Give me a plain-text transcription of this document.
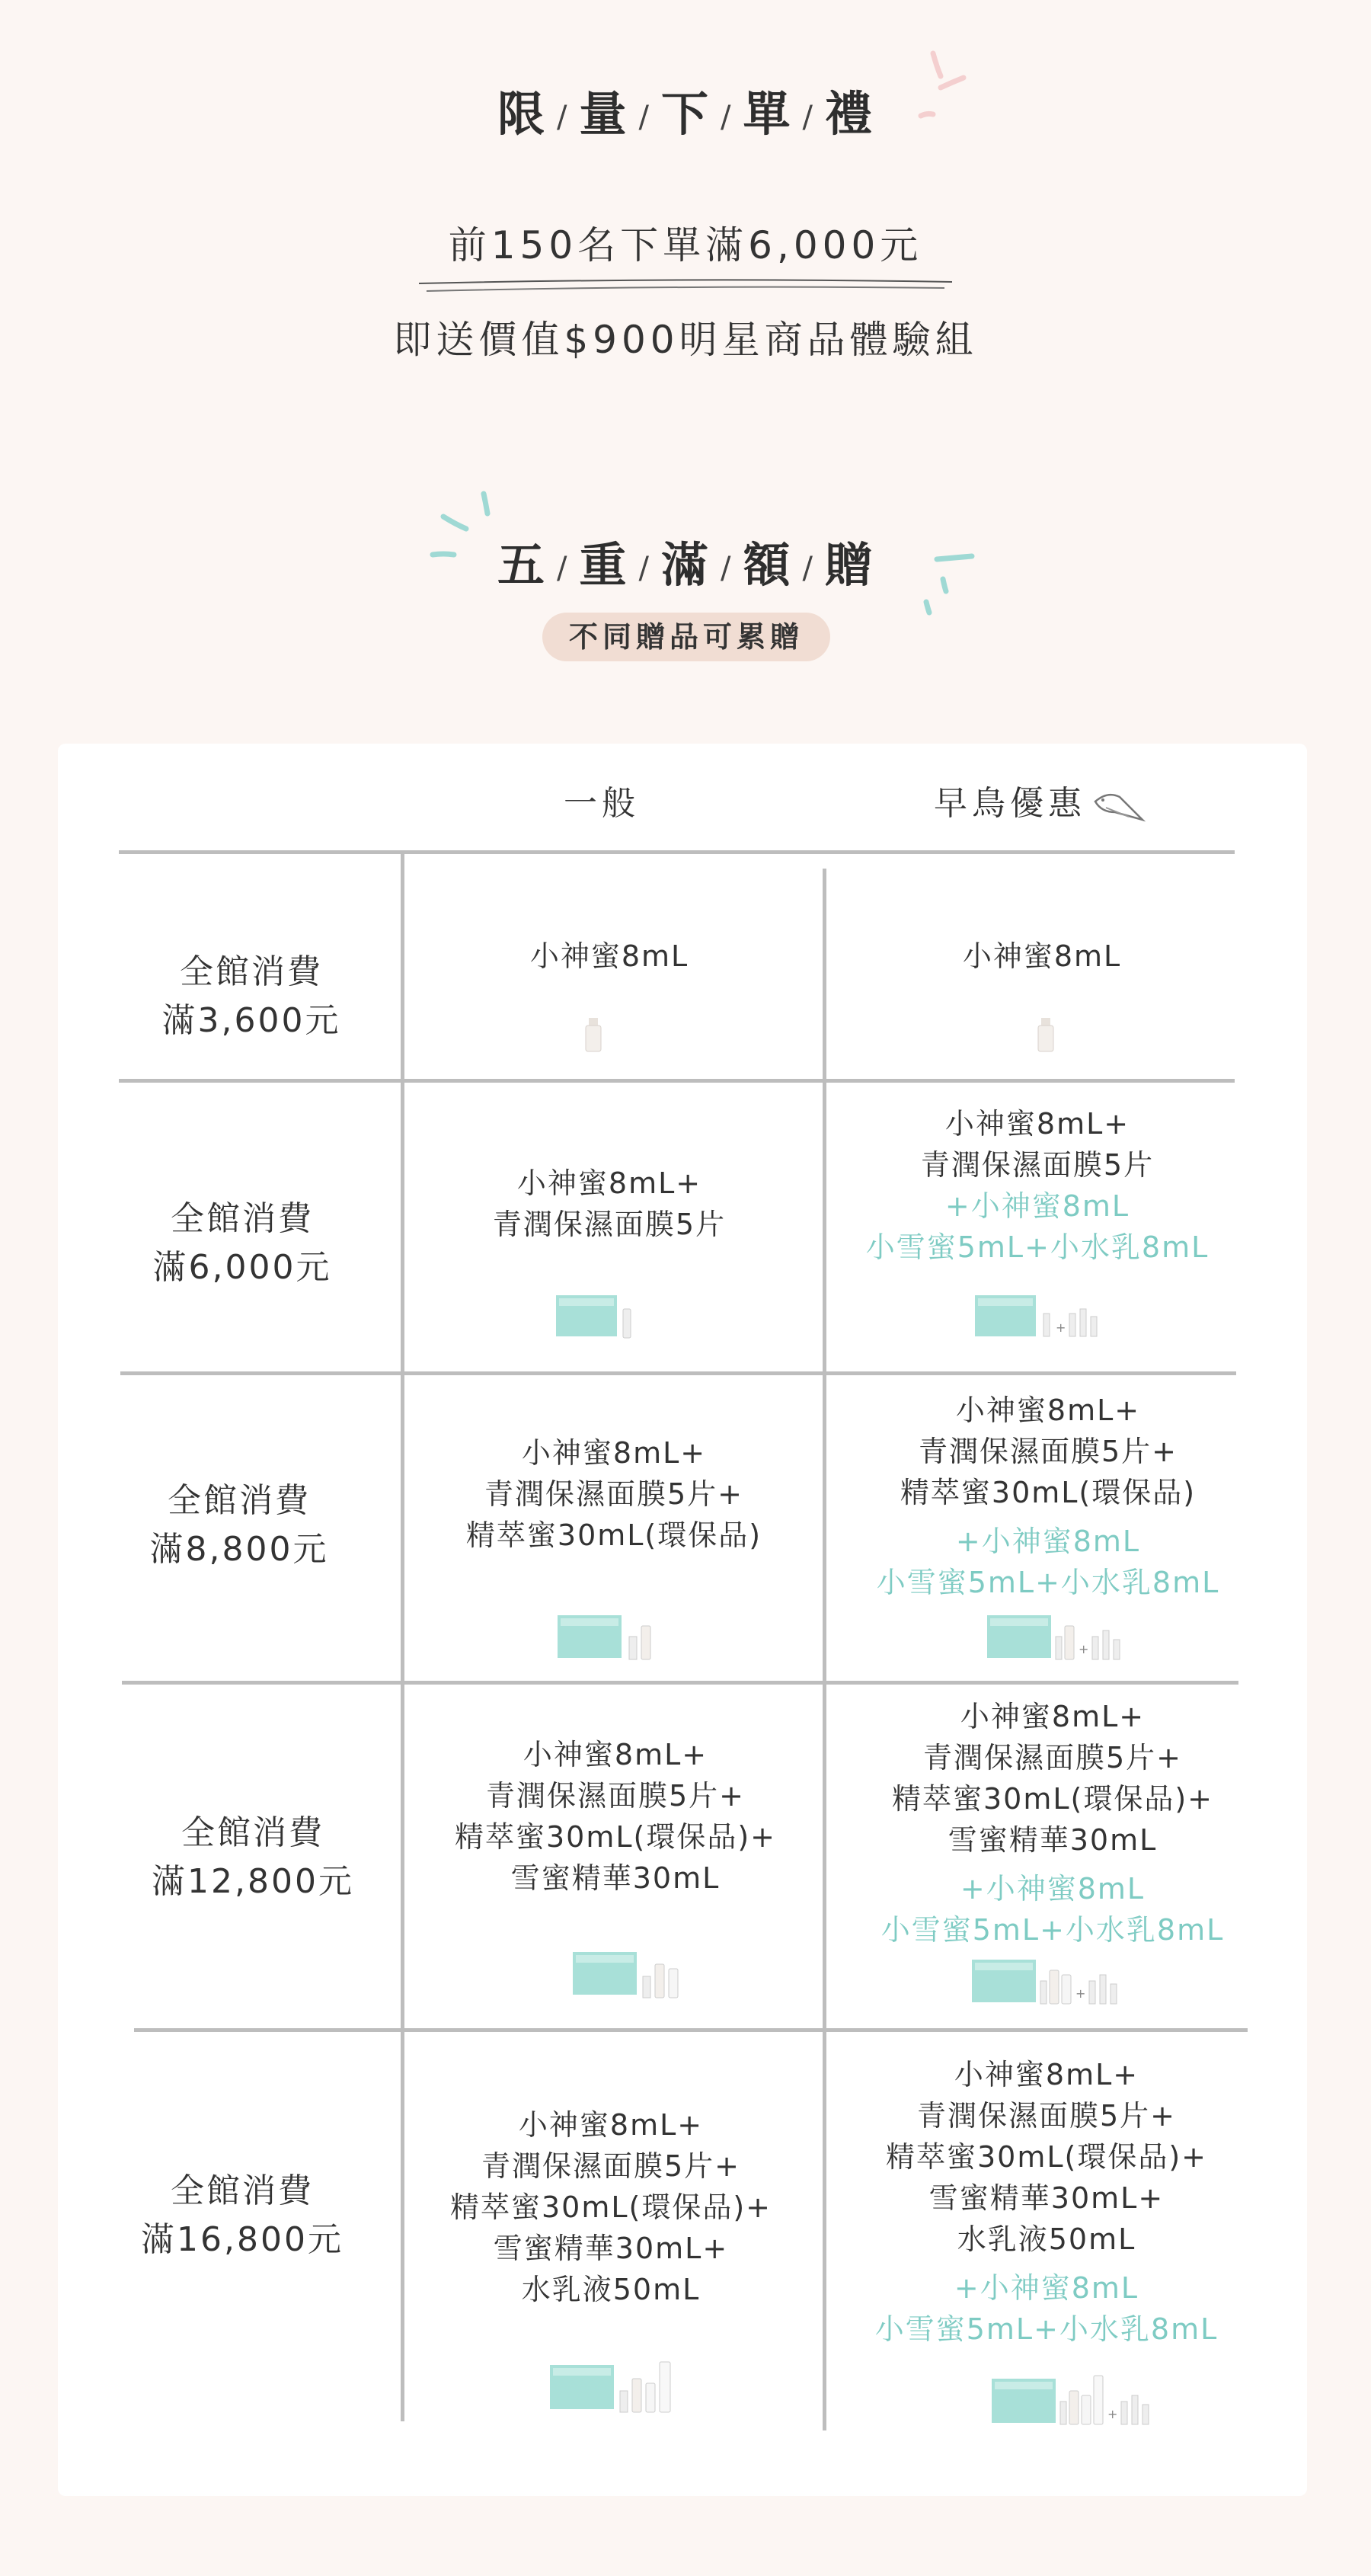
限 / 量 / 下 / 單 / 禮
前150名下單滿6,000元
即送價值$900明星商品體驗組
五 / 重 / 滿 / 額 / 贈
不同贈品可累贈
一般	早鳥優惠
全館消費
滿3,600元
小神蜜8mL	小神蜜8mL
全館消費
滿6,000元
小神蜜8mL+
青潤保濕面膜5片
小神蜜8mL+
青潤保濕面膜5片
+小神蜜8mL
小雪蜜5mL+小水乳8mL
+
全館消費
滿8,800元
小神蜜8mL+
青潤保濕面膜5片+
精萃蜜30mL(環保品)
小神蜜8mL+
青潤保濕面膜5片+
精萃蜜30mL(環保品)
+小神蜜8mL
小雪蜜5mL+小水乳8mL
+
全館消費
滿12,800元
小神蜜8mL+
青潤保濕面膜5片+
精萃蜜30mL(環保品)+
雪蜜精華30mL
小神蜜8mL+
青潤保濕面膜5片+
精萃蜜30mL(環保品)+
雪蜜精華30mL
+小神蜜8mL
小雪蜜5mL+小水乳8mL
+
全館消費
滿16,800元
小神蜜8mL+
青潤保濕面膜5片+
精萃蜜30mL(環保品)+
雪蜜精華30mL+
水乳液50mL
小神蜜8mL+
青潤保濕面膜5片+
精萃蜜30mL(環保品)+
雪蜜精華30mL+
水乳液50mL
+小神蜜8mL
小雪蜜5mL+小水乳8mL
+
